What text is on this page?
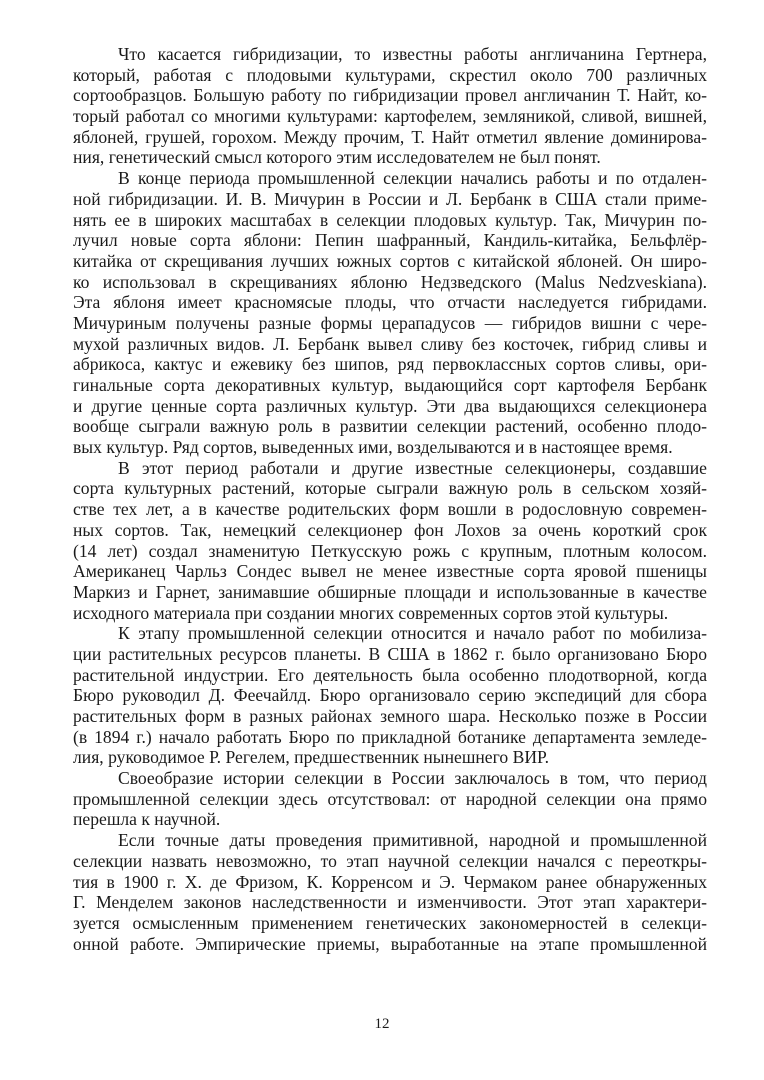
Что касается гибридизации, то известны работы англичанина Гертнера,
который, работая с плодовыми культурами, скрестил около 700 различных
сортообразцов. Большую работу по гибридизации провел англичанин Т. Найт, ко-
торый работал со многими культурами: картофелем, земляникой, сливой, вишней,
яблоней, грушей, горохом. Между прочим, Т. Найт отметил явление доминирова-
ния, генетический смысл которого этим исследователем не был понят.
В конце периода промышленной селекции начались работы и по отдален-
ной гибридизации. И. В. Мичурин в России и Л. Бербанк в США стали приме-
нять ее в широких масштабах в селекции плодовых культур. Так, Мичурин по-
лучил новые сорта яблони: Пепин шафранный, Кандиль-китайка, Бельфлёр-
китайка от скрещивания лучших южных сортов с китайской яблоней. Он широ-
ко использовал в скрещиваниях яблоню Недзведского (Malus Nedzveskiana).
Эта яблоня имеет красномясые плоды, что отчасти наследуется гибридами.
Мичуриным получены разные формы церападусов — гибридов вишни с чере-
мухой различных видов. Л. Бербанк вывел сливу без косточек, гибрид сливы и
абрикоса, кактус и ежевику без шипов, ряд первоклассных сортов сливы, ори-
гинальные сорта декоративных культур, выдающийся сорт картофеля Бербанк
и другие ценные сорта различных культур. Эти два выдающихся селекционера
вообще сыграли важную роль в развитии селекции растений, особенно плодо-
вых культур. Ряд сортов, выведенных ими, возделываются и в настоящее время.
В этот период работали и другие известные селекционеры, создавшие
сорта культурных растений, которые сыграли важную роль в сельском хозяй-
стве тех лет, а в качестве родительских форм вошли в родословную современ-
ных сортов. Так, немецкий селекционер фон Лохов за очень короткий срок
(14 лет) создал знаменитую Петкусскую рожь с крупным, плотным колосом.
Американец Чарльз Сондес вывел не менее известные сорта яровой пшеницы
Маркиз и Гарнет, занимавшие обширные площади и использованные в качестве
исходного материала при создании многих современных сортов этой культуры.
К этапу промышленной селекции относится и начало работ по мобилиза-
ции растительных ресурсов планеты. В США в 1862 г. было организовано Бюро
растительной индустрии. Его деятельность была особенно плодотворной, когда
Бюро руководил Д. Феечайлд. Бюро организовало серию экспедиций для сбора
растительных форм в разных районах земного шара. Несколько позже в России
(в 1894 г.) начало работать Бюро по прикладной ботанике департамента земледе-
лия, руководимое Р. Регелем, предшественник нынешнего ВИР.
Своеобразие истории селекции в России заключалось в том, что период
промышленной селекции здесь отсутствовал: от народной селекции она прямо
перешла к научной.
Если точные даты проведения примитивной, народной и промышленной
селекции назвать невозможно, то этап научной селекции начался с переоткры-
тия в 1900 г. Х. де Фризом, К. Корренсом и Э. Чермаком ранее обнаруженных
Г. Менделем законов наследственности и изменчивости. Этот этап характери-
зуется осмысленным применением генетических закономерностей в селекци-
онной работе. Эмпирические приемы, выработанные на этапе промышленной
12
